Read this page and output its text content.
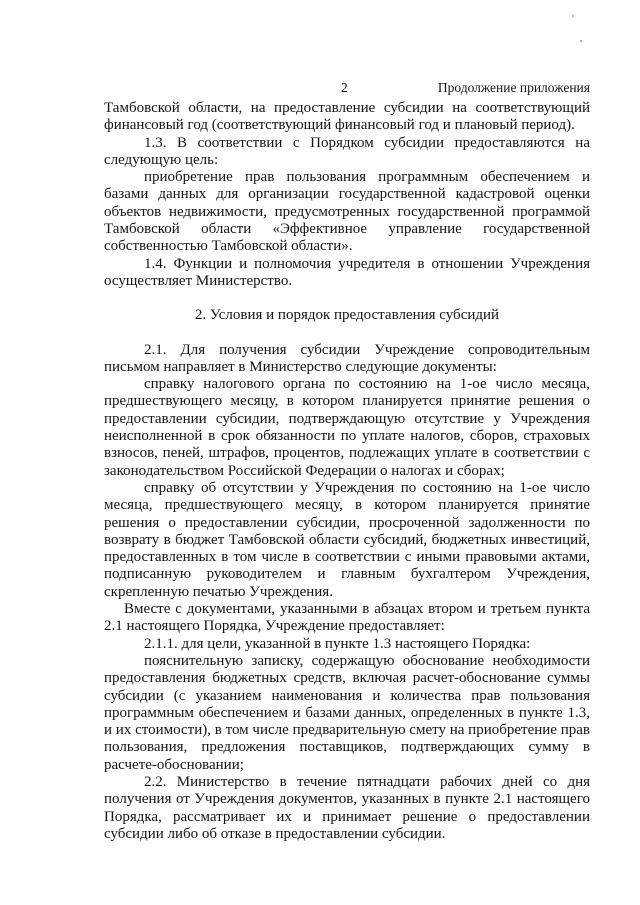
2	Продолжение приложения

Тамбовской области, на предоставление субсидии на соответствующий финансовый год (соответствующий финансовый год и плановый период).

1.3. В соответствии с Порядком субсидии предоставляются на следующую цель:

приобретение прав пользования программным обеспечением и базами данных для организации государственной кадастровой оценки объектов недвижимости, предусмотренных государственной программой Тамбовской области «Эффективное управление государственной собственностью Тамбовской области».

1.4. Функции и полномочия учредителя в отношении Учреждения осуществляет Министерство.

2. Условия и порядок предоставления субсидий

2.1. Для получения субсидии Учреждение сопроводительным письмом направляет в Министерство следующие документы:

справку налогового органа по состоянию на 1-ое число месяца, предшествующего месяцу, в котором планируется принятие решения о предоставлении субсидии, подтверждающую отсутствие у Учреждения неисполненной в срок обязанности по уплате налогов, сборов, страховых взносов, пеней, штрафов, процентов, подлежащих уплате в соответствии с законодательством Российской Федерации о налогах и сборах;

справку об отсутствии у Учреждения по состоянию на 1-ое число месяца, предшествующего месяцу, в котором планируется принятие решения о предоставлении субсидии, просроченной задолженности по возврату в бюджет Тамбовской области субсидий, бюджетных инвестиций, предоставленных в том числе в соответствии с иными правовыми актами, подписанную руководителем и главным бухгалтером Учреждения, скрепленную печатью Учреждения.

Вместе с документами, указанными в абзацах втором и третьем пункта 2.1 настоящего Порядка, Учреждение предоставляет:

2.1.1. для цели, указанной в пункте 1.3 настоящего Порядка:

пояснительную записку, содержащую обоснование необходимости предоставления бюджетных средств, включая расчет-обоснование суммы субсидии (с указанием наименования и количества прав пользования программным обеспечением и базами данных, определенных в пункте 1.3, и их стоимости), в том числе предварительную смету на приобретение прав пользования, предложения поставщиков, подтверждающих сумму в расчете-обосновании;

2.2. Министерство в течение пятнадцати рабочих дней со дня получения от Учреждения документов, указанных в пункте 2.1 настоящего Порядка, рассматривает их и принимает решение о предоставлении субсидии либо об отказе в предоставлении субсидии.
